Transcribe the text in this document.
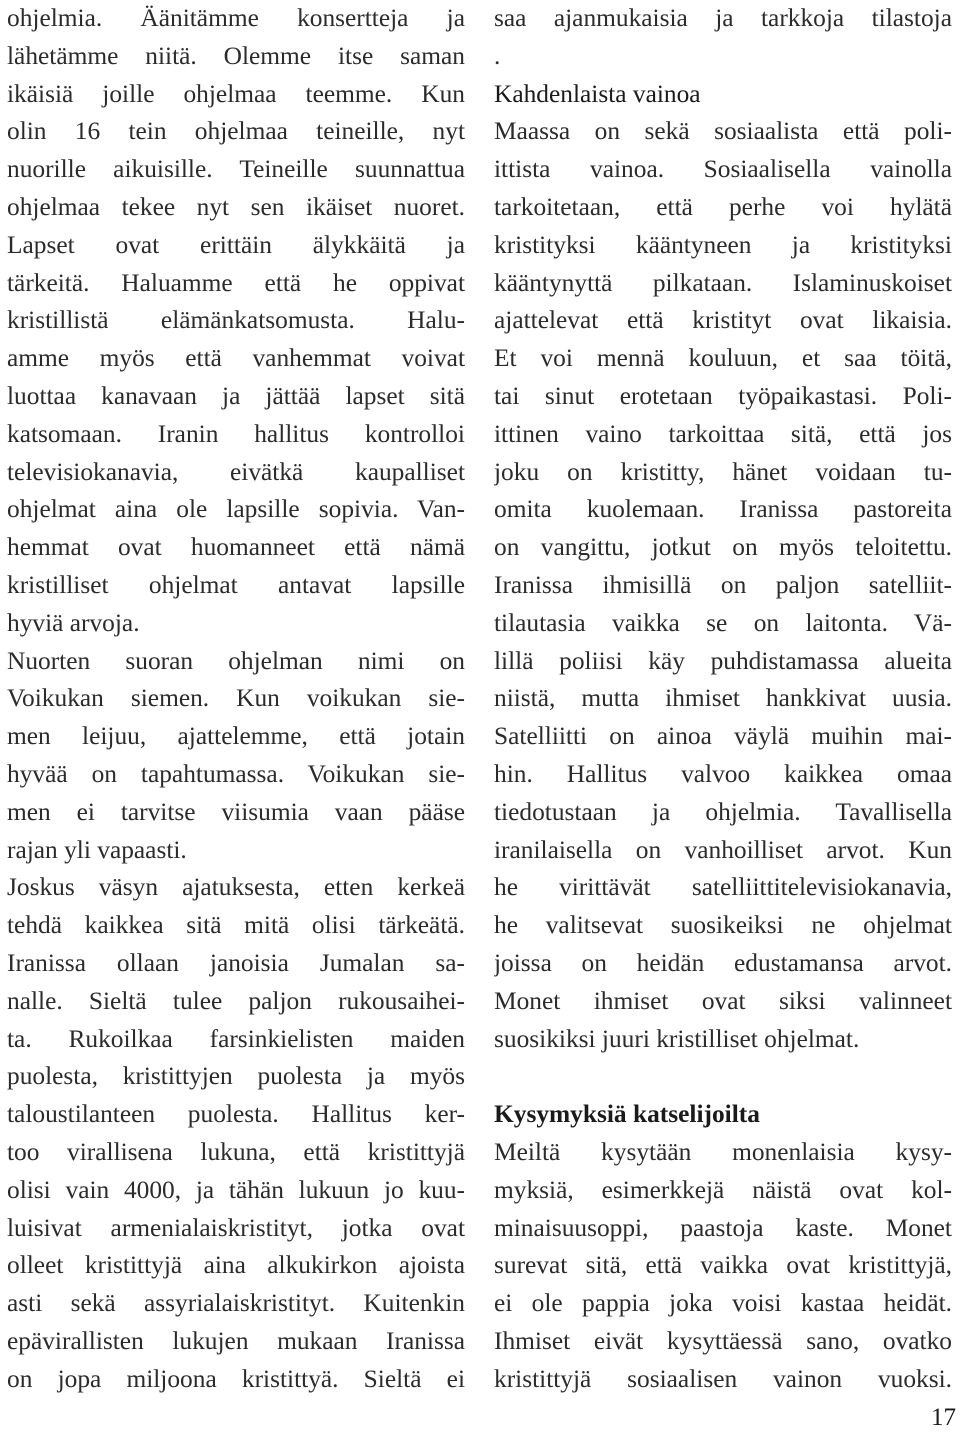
ohjelmia. Äänitämme konsertteja ja
lähetämme niitä. Olemme itse saman
ikäisiä joille ohjelmaa teemme. Kun
olin 16 tein ohjelmaa teineille, nyt
nuorille aikuisille. Teineille suunnattua
ohjelmaa tekee nyt sen ikäiset nuoret.
Lapset ovat erittäin älykkäitä ja
tärkeitä. Haluamme että he oppivat
kristillistä elämänkatsomusta. Halu-
amme myös että vanhemmat voivat
luottaa kanavaan ja jättää lapset sitä
katsomaan. Iranin hallitus kontrolloi
televisiokanavia, eivätkä kaupalliset
ohjelmat aina ole lapsille sopivia. Van-
hemmat ovat huomanneet että nämä
kristilliset ohjelmat antavat lapsille
hyviä arvoja.
Nuorten suoran ohjelman nimi on
Voikukan siemen. Kun voikukan sie-
men leijuu, ajattelemme, että jotain
hyvää on tapahtumassa. Voikukan sie-
men ei tarvitse viisumia vaan pääse
rajan yli vapaasti.
Joskus väsyn ajatuksesta, etten kerkeä
tehdä kaikkea sitä mitä olisi tärkeätä.
Iranissa ollaan janoisia Jumalan sa-
nalle. Sieltä tulee paljon rukousaihei-
ta. Rukoilkaa farsinkielisten maiden
puolesta, kristittyjen puolesta ja myös
taloustilanteen puolesta. Hallitus ker-
too virallisena lukuna, että kristittyjä
olisi vain 4000, ja tähän lukuun jo kuu-
luisivat armenialaiskristityt, jotka ovat
olleet kristittyjä aina alkukirkon ajoista
asti sekä assyrialaiskristityt. Kuitenkin
epävirallisten lukujen mukaan Iranissa
on jopa miljoona kristittyä. Sieltä ei
saa ajanmukaisia ja tarkkoja tilastoja
.
Kahdenlaista vainoa
Maassa on sekä sosiaalista että poli-
ittista vainoa. Sosiaalisella vainolla
tarkoitetaan, että perhe voi hylätä
kristityksi kääntyneen ja kristityksi
kääntynyttä pilkataan. Islaminuskoiset
ajattelevat että kristityt ovat likaisia.
Et voi mennä kouluun, et saa töitä,
tai sinut erotetaan työpaikastasi. Poli-
ittinen vaino tarkoittaa sitä, että jos
joku on kristitty, hänet voidaan tu-
omita kuolemaan. Iranissa pastoreita
on vangittu, jotkut on myös teloitettu.
Iranissa ihmisillä on paljon satelliit-
tilautasia vaikka se on laitonta. Vä-
lillä poliisi käy puhdistamassa alueita
niistä, mutta ihmiset hankkivat uusia.
Satelliitti on ainoa väylä muihin mai-
hin. Hallitus valvoo kaikkea omaa
tiedotustaan ja ohjelmia. Tavallisella
iranilaisella on vanhoilliset arvot. Kun
he virittävät satelliittitelevisiokanavia,
he valitsevat suosikeiksi ne ohjelmat
joissa on heidän edustamansa arvot.
Monet ihmiset ovat siksi valinneet
suosikiksi juuri kristilliset ohjelmat.
Kysymyksiä katselijoilta
Meiltä kysytään monenlaisia kysy-
myksiä, esimerkkejä näistä ovat kol-
minaisuusoppi, paastoja kaste. Monet
surevat sitä, että vaikka ovat kristittyjä,
ei ole pappia joka voisi kastaa heidät.
Ihmiset eivät kysyttäessä sano, ovatko
kristittyjä sosiaalisen vainon vuoksi.
17
